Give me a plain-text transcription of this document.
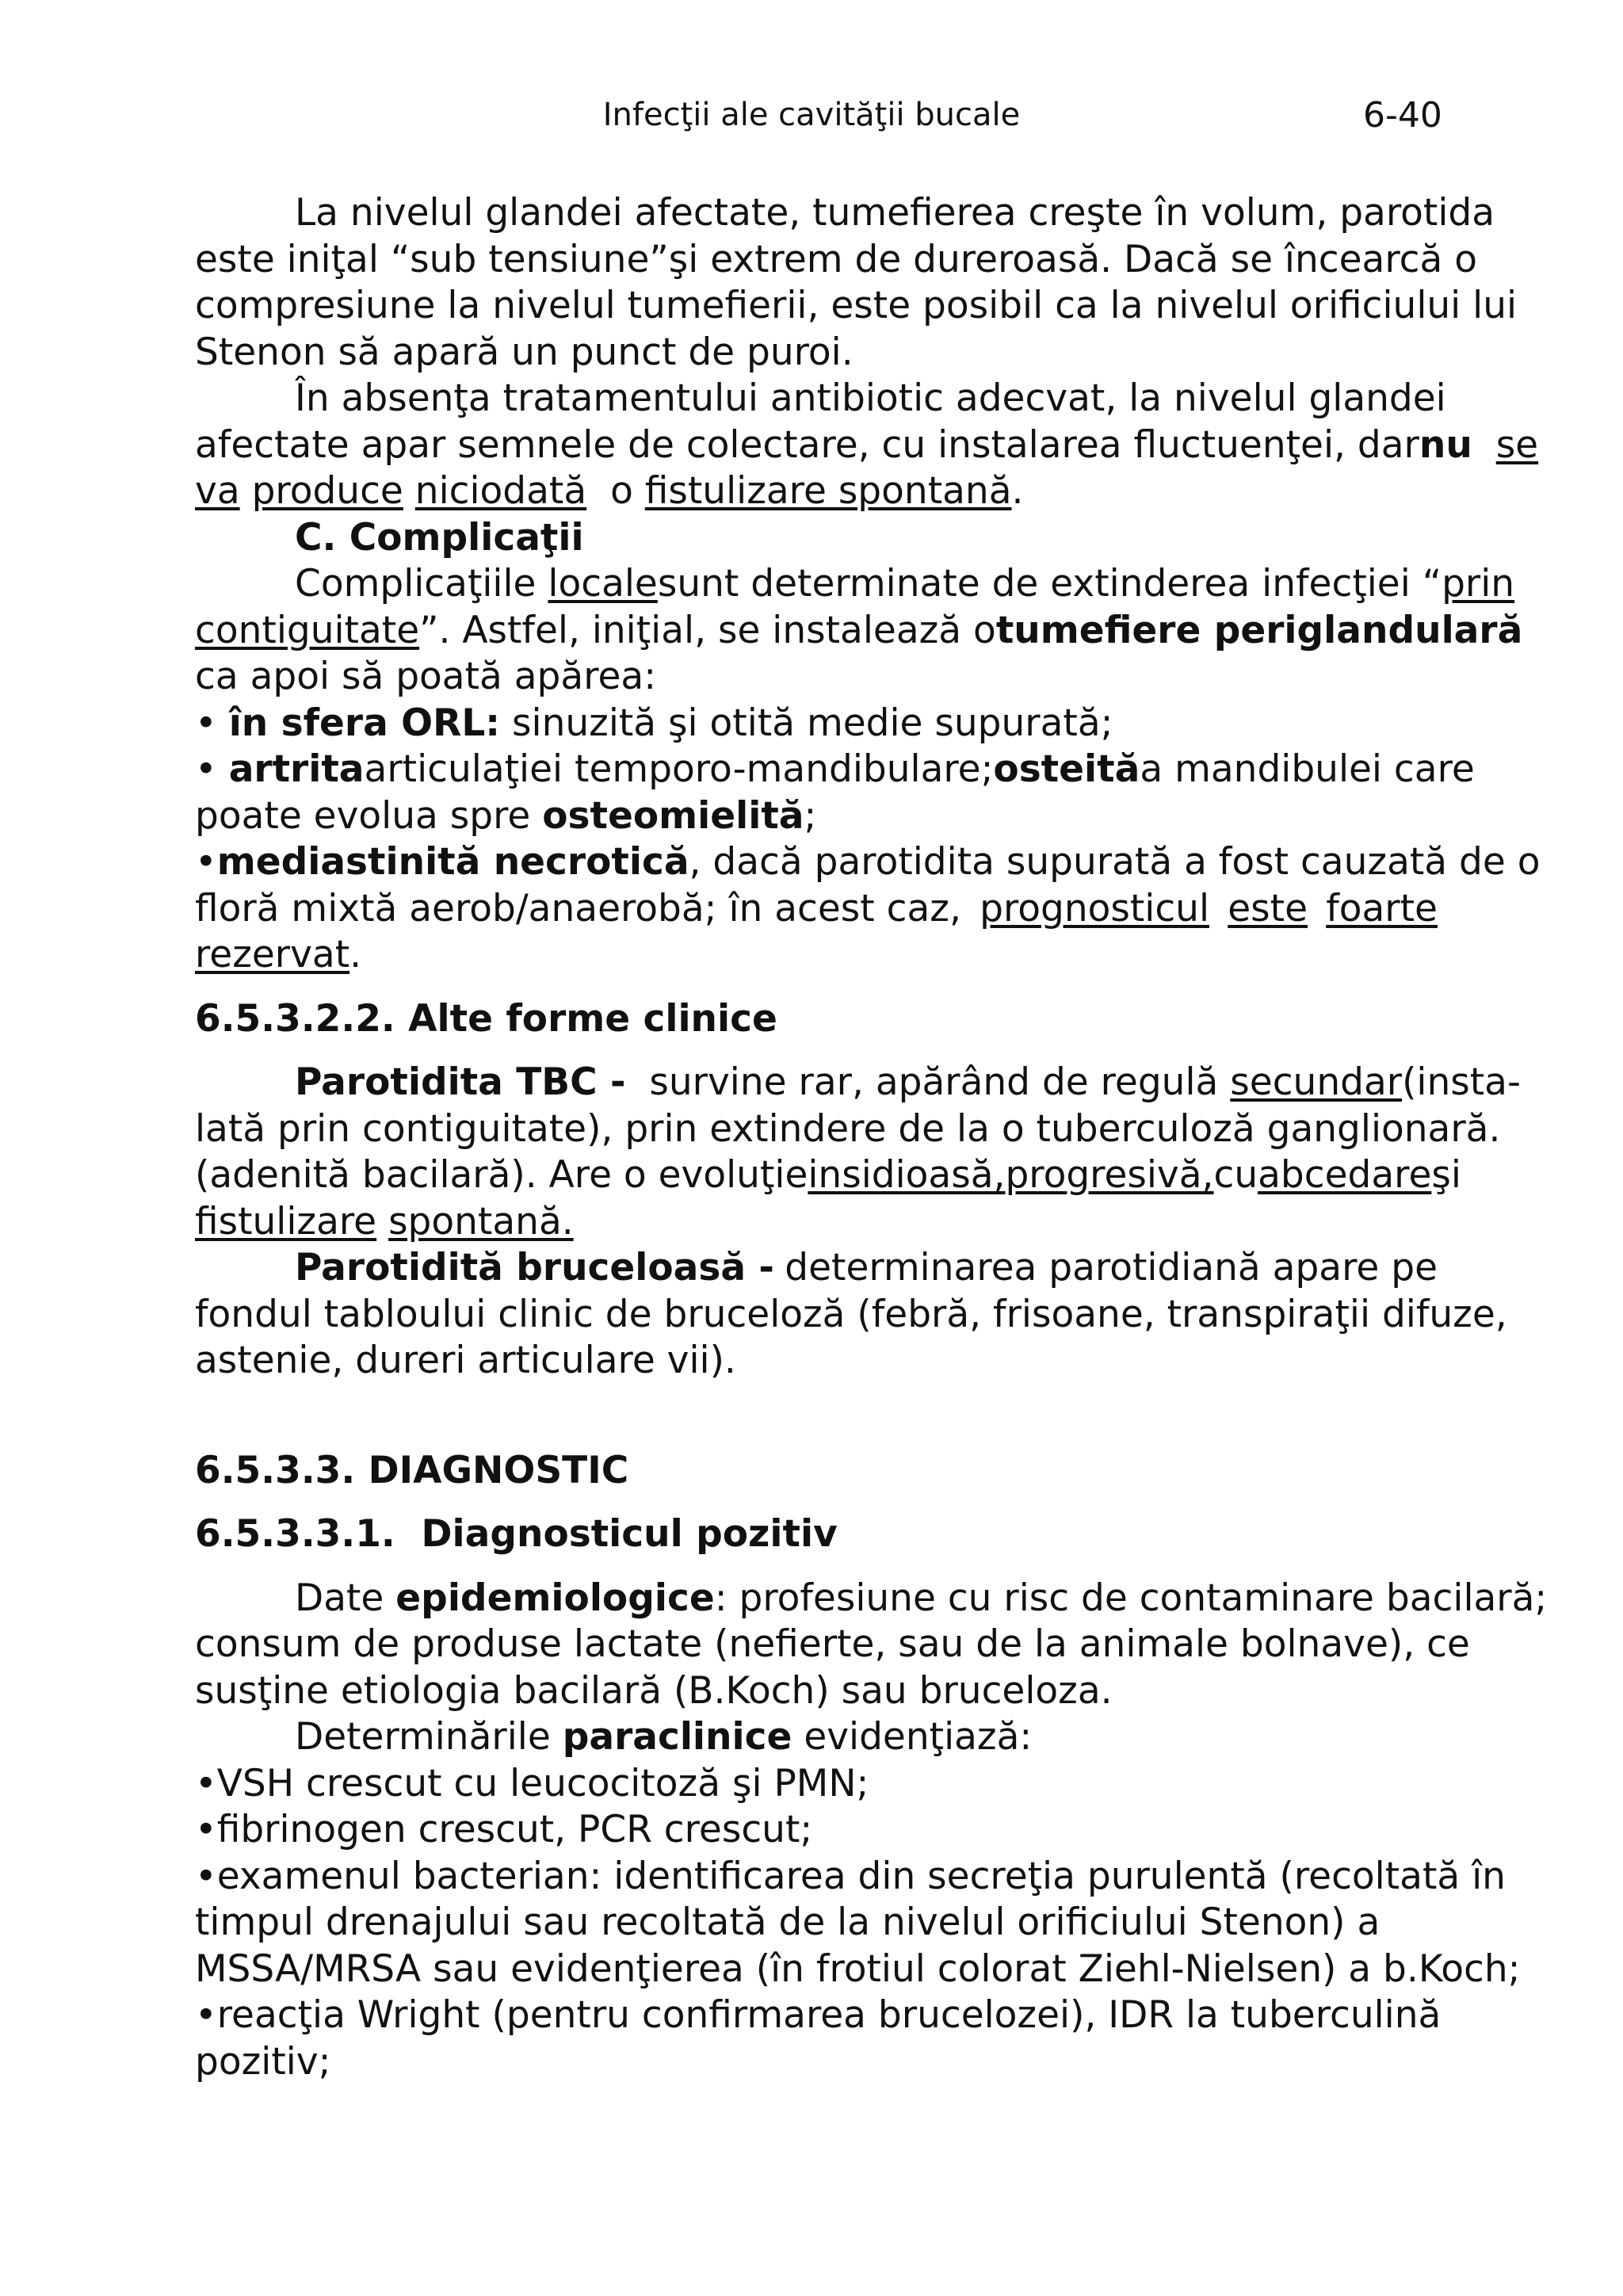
Infecţii ale cavităţii bucale	6-40
La nivelul glandei afectate, tumefierea creşte în volum, parotida
este iniţal “sub tensiune”şi extrem de dureroasă. Dacă se încearcă o
compresiune la nivelul tumefierii, este posibil ca la nivelul orificiului lui
Stenon să apară un punct de puroi.
În absenţa tratamentului antibiotic adecvat, la nivelul glandei
afectate apar semnele de colectare, cu instalarea fluctuenţei, dar nu se
va
produce
niciodată
o
fistulizare spontană .
C. Complicaţii
Complicaţiile locale sunt determinate de extinderea infecţiei “ prin
contiguitate”. Astfel, iniţial, se instalează o tumefiere periglandulară
ca apoi să poată apărea:
•
în sfera ORL:
sinuzită şi otită medie supurată;
• artrita articulaţiei temporo-mandibulare; osteită a mandibulei care
poate evolua spre
osteomielită ;
•mediastinită necrotică, dacă parotidita supurată a fost cauzată de o
floră mixtă aerob/anaerobă; în acest caz, prognosticul este foarte
rezervat .
6.5.3.2.2. Alte forme clinice
Parotidita TBC - survine rar, apărând de regulă secundar (insta-
lată prin contiguitate), prin extindere de la o tuberculoză ganglionară.
(adenită bacilară). Are o evoluţie insidioasă, progresivă, cu abcedare şi
fistulizare
spontană.
Parotidită bruceloasă - determinarea parotidiană apare pe
fondul tabloului clinic de bruceloză (febră, frisoane, transpiraţii difuze,
astenie, dureri articulare vii).
6.5.3.3. DIAGNOSTIC
6.5.3.3.1.  Diagnosticul pozitiv
Date epidemiologice: profesiune cu risc de contaminare bacilară;
consum de produse lactate (nefierte, sau de la animale bolnave), ce
susţine etiologia bacilară (B.Koch) sau bruceloza.
Determinările
paraclinice
evidenţiază:
• VSH crescut cu leucocitoză şi PMN;
• fibrinogen crescut, PCR crescut;
•examenul bacterian: identificarea din secreţia purulentă (recoltată în
timpul drenajului sau recoltată de la nivelul orificiului Stenon) a
MSSA/MRSA sau evidenţierea (în frotiul colorat Ziehl-Nielsen) a b.Koch;
•reacţia Wright (pentru confirmarea brucelozei), IDR la tuberculină
pozitiv;
